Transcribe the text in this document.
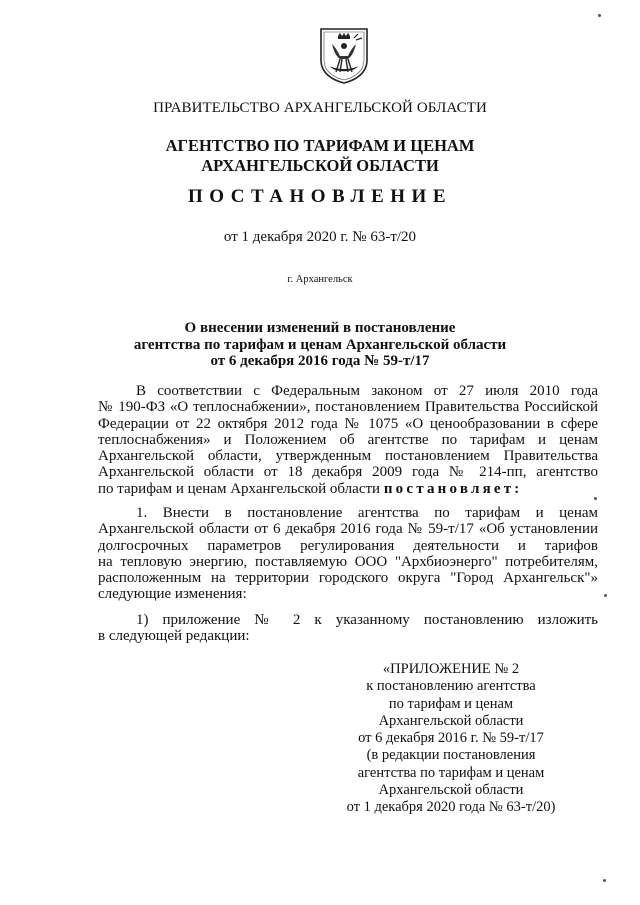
ПРАВИТЕЛЬСТВО АРХАНГЕЛЬСКОЙ ОБЛАСТИ
АГЕНТСТВО ПО ТАРИФАМ И ЦЕНАМ
АРХАНГЕЛЬСКОЙ ОБЛАСТИ
ПОСТАНОВЛЕНИЕ
от 1 декабря 2020 г. № 63-т/20
г. Архангельск
О внесении изменений в постановление
агентства по тарифам и ценам Архангельской области
от 6 декабря 2016 года № 59-т/17
В соответствии с Федеральным законом от 27 июля 2010 года
№ 190-ФЗ «О теплоснабжении», постановлением Правительства Российской
Федерации от 22 октября 2012 года № 1075 «О ценообразовании в сфере
теплоснабжения» и Положением об агентстве по тарифам и ценам
Архангельской области, утвержденным постановлением Правительства
Архангельской области от 18 декабря 2009 года № 214-пп, агентство
по тарифам и ценам Архангельской области постановляет:
1. Внести в постановление агентства по тарифам и ценам
Архангельской области от 6 декабря 2016 года № 59-т/17 «Об установлении
долгосрочных параметров регулирования деятельности и тарифов
на тепловую энергию, поставляемую ООО "Архбиоэнерго" потребителям,
расположенным на территории городского округа "Город Архангельск"»
следующие изменения:
1) приложение № 2 к указанному постановлению изложить
в следующей редакции:
«ПРИЛОЖЕНИЕ № 2
к постановлению агентства
по тарифам и ценам
Архангельской области
от 6 декабря 2016 г. № 59-т/17
(в редакции постановления
агентства по тарифам и ценам
Архангельской области
от 1 декабря 2020 года № 63-т/20)
